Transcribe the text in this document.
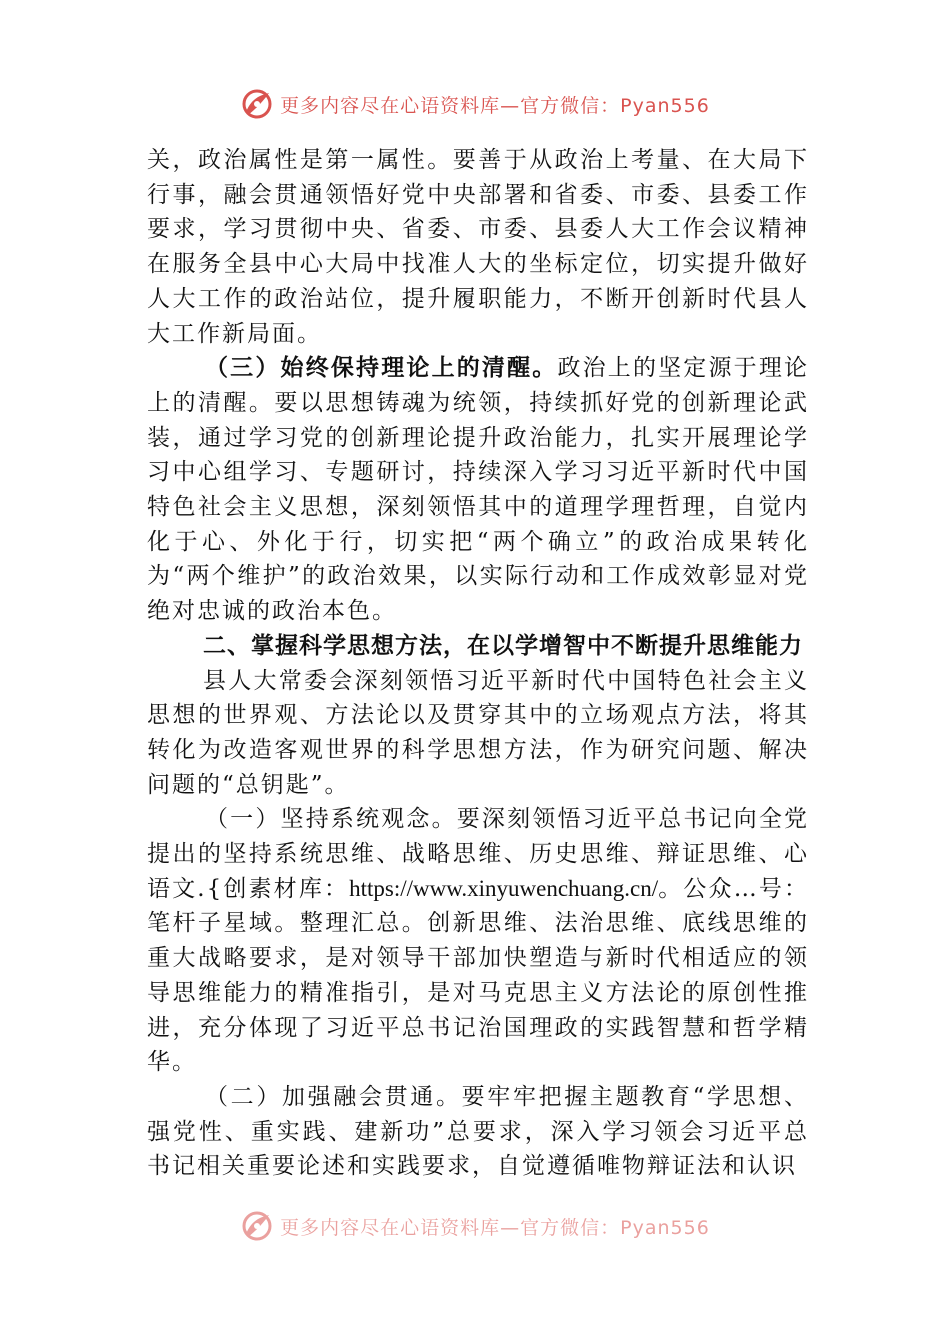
更多内容尽在心语资料库—官方微信：Pyan556

关，政治属性是第一属性。要善于从政治上考量、在大局下行事，融会贯通领悟好党中央部署和省委、市委、县委工作要求，学习贯彻中央、省委、市委、县委人大工作会议精神在服务全县中心大局中找准人大的坐标定位，切实提升做好人大工作的政治站位，提升履职能力，不断开创新时代县人大工作新局面。

（三）始终保持理论上的清醒。政治上的坚定源于理论上的清醒。要以思想铸魂为统领，持续抓好党的创新理论武装，通过学习党的创新理论提升政治能力，扎实开展理论学习中心组学习、专题研讨，持续深入学习习近平新时代中国特色社会主义思想，深刻领悟其中的道理学理哲理，自觉内化于心、外化于行，切实把“两个确立”的政治成果转化为“两个维护”的政治效果，以实际行动和工作成效彰显对党绝对忠诚的政治本色。

二、掌握科学思想方法，在以学增智中不断提升思维能力

县人大常委会深刻领悟习近平新时代中国特色社会主义思想的世界观、方法论以及贯穿其中的立场观点方法，将其转化为改造客观世界的科学思想方法，作为研究问题、解决问题的“总钥匙”。

（一）坚持系统观念。要深刻领悟习近平总书记向全党提出的坚持系统思维、战略思维、历史思维、辩证思维、心语文.{创素材库：https://www.xinyuwenchuang.cn/。公众…号：笔杆子星域。整理汇总。创新思维、法治思维、底线思维的重大战略要求，是对领导干部加快塑造与新时代相适应的领导思维能力的精准指引，是对马克思主义方法论的原创性推进，充分体现了习近平总书记治国理政的实践智慧和哲学精华。

（二）加强融会贯通。要牢牢把握主题教育“学思想、强党性、重实践、建新功”总要求，深入学习领会习近平总书记相关重要论述和实践要求，自觉遵循唯物辩证法和认识

更多内容尽在心语资料库—官方微信：Pyan556
